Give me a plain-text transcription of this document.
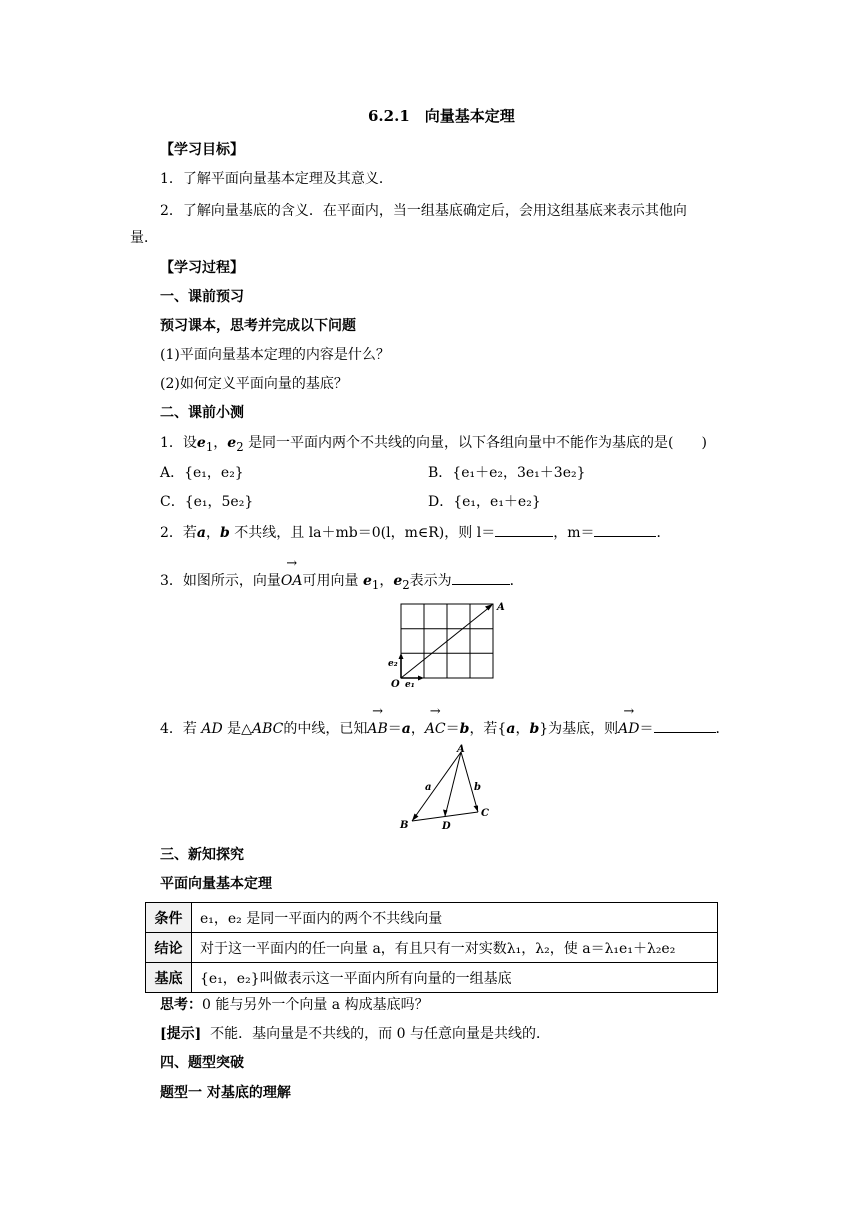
6.2.1　向量基本定理
【学习目标】
1．了解平面向量基本定理及其意义．
2．了解向量基底的含义．在平面内，当一组基底确定后，会用这组基底来表示其他向
量．
【学习过程】
一、课前预习
预习课本，思考并完成以下问题
(1)平面向量基本定理的内容是什么？
(2)如何定义平面向量的基底？
二、课前小测
1．设$e_1$，$e_2$ 是同一平面内两个不共线的向量，以下各组向量中不能作为基底的是( )
A．{e₁，e₂}	B．{e₁＋e₂，3e₁＋3e₂}
C．{e₁，5e₂}	D．{e₁，e₁＋e₂}
2．若a，b 不共线，且 la＋mb＝0(l，m∈R)，则 l＝	，m＝	．
3．如图所示，向量→ OA可用向量 $e_1$，$e_2$表示为	．
A
O e₁
e₂
4．若 AD 是△ABC的中线，已知→ AB＝a，→ AC＝b，若{a，b}为基底，则→ AD＝	．
A
B
C
D
a	b
三、新知探究
平面向量基本定理
条件	e₁，e₂ 是同一平面内的两个不共线向量
结论	对于这一平面内的任一向量 a，有且只有一对实数λ₁，λ₂，使 a＝λ₁e₁＋λ₂e₂
基底	{e₁，e₂}叫做表示这一平面内所有向量的一组基底
思考：0 能与另外一个向量 a 构成基底吗？
[提示] 不能．基向量是不共线的，而 0 与任意向量是共线的．
四、题型突破
题型一 对基底的理解
